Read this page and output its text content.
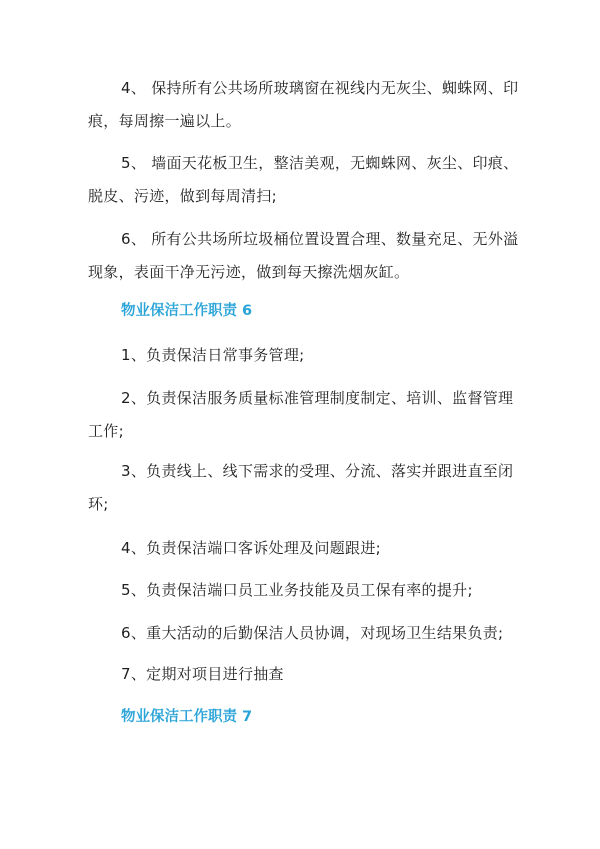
4、 保持所有公共场所玻璃窗在视线内无灰尘、蜘蛛网、印痕，每周擦一遍以上。

5、 墙面天花板卫生，整洁美观，无蜘蛛网、灰尘、印痕、脱皮、污迹，做到每周清扫;

6、 所有公共场所垃圾桶位置设置合理、数量充足、无外溢现象，表面干净无污迹，做到每天擦洗烟灰缸。

物业保洁工作职责 6

1、负责保洁日常事务管理;

2、负责保洁服务质量标准管理制度制定、培训、监督管理工作;

3、负责线上、线下需求的受理、分流、落实并跟进直至闭环;

4、负责保洁端口客诉处理及问题跟进;

5、负责保洁端口员工业务技能及员工保有率的提升;

6、重大活动的后勤保洁人员协调，对现场卫生结果负责;

7、定期对项目进行抽查

物业保洁工作职责 7
